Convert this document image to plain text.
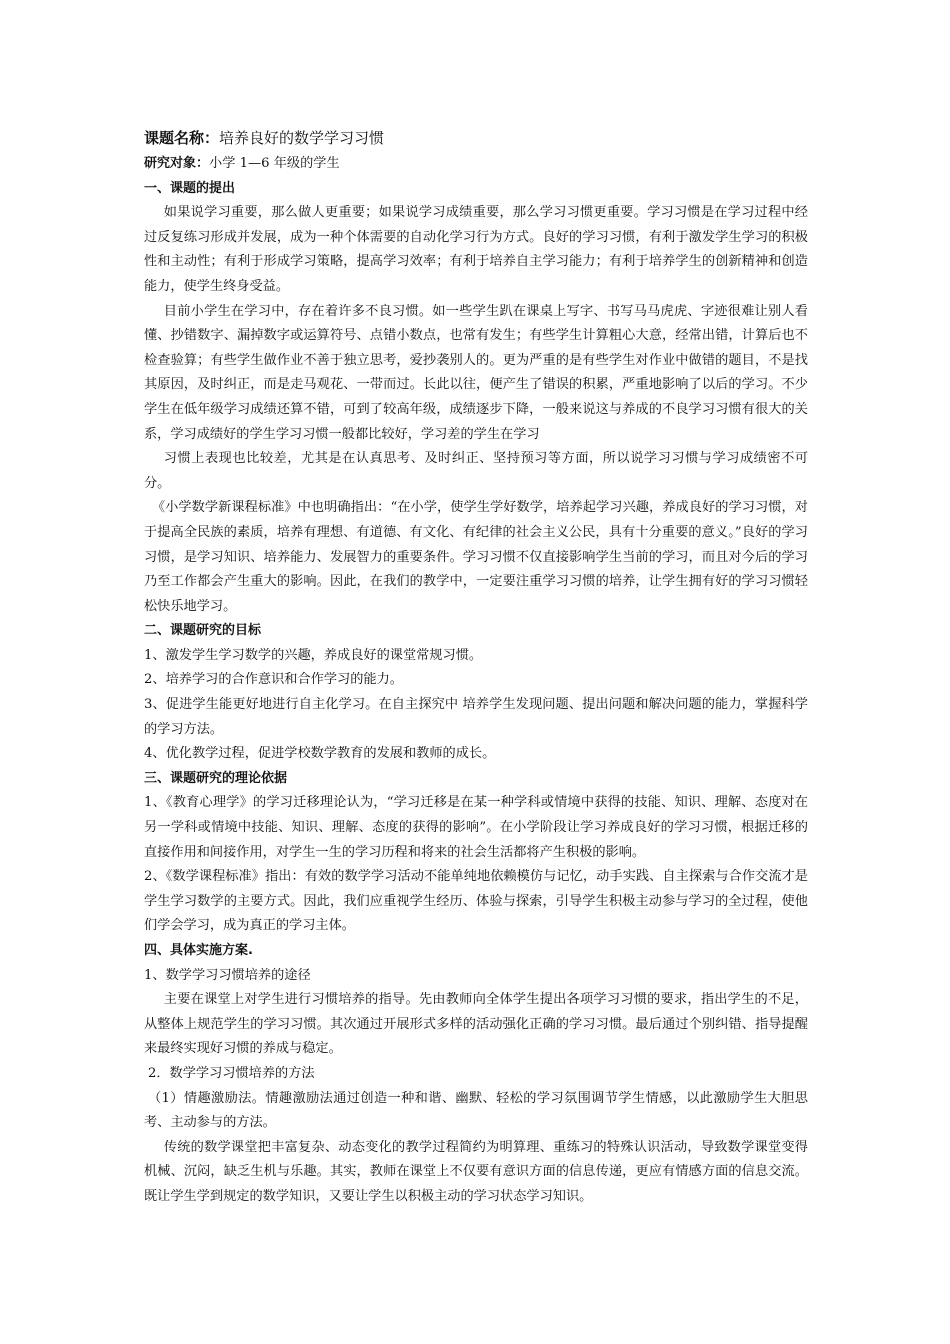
课题名称：培养良好的数学学习习惯

研究对象：小学 1—6 年级的学生

一、课题的提出

如果说学习重要，那么做人更重要；如果说学习成绩重要，那么学习习惯更重要。学习习惯是在学习过程中经过反复练习形成并发展，成为一种个体需要的自动化学习行为方式。良好的学习习惯，有利于激发学生学习的积极性和主动性；有利于形成学习策略，提高学习效率；有利于培养自主学习能力；有利于培养学生的创新精神和创造能力，使学生终身受益。

目前小学生在学习中，存在着许多不良习惯。如一些学生趴在课桌上写字、书写马马虎虎、字迹很难让别人看懂、抄错数字、漏掉数字或运算符号、点错小数点，也常有发生；有些学生计算粗心大意，经常出错，计算后也不检查验算；有些学生做作业不善于独立思考，爱抄袭别人的。更为严重的是有些学生对作业中做错的题目，不是找其原因，及时纠正，而是走马观花、一带而过。长此以往，便产生了错误的积累，严重地影响了以后的学习。不少学生在低年级学习成绩还算不错，可到了较高年级，成绩逐步下降，一般来说这与养成的不良学习习惯有很大的关系，学习成绩好的学生学习习惯一般都比较好，学习差的学生在学习

习惯上表现也比较差，尤其是在认真思考、及时纠正、坚持预习等方面，所以说学习习惯与学习成绩密不可分。

《小学数学新课程标准》中也明确指出：“在小学，使学生学好数学，培养起学习兴趣，养成良好的学习习惯，对于提高全民族的素质，培养有理想、有道德、有文化、有纪律的社会主义公民，具有十分重要的意义。”良好的学习习惯，是学习知识、培养能力、发展智力的重要条件。学习习惯不仅直接影响学生当前的学习，而且对今后的学习乃至工作都会产生重大的影响。因此，在我们的教学中，一定要注重学习习惯的培养，让学生拥有好的学习习惯轻松快乐地学习。

二、课题研究的目标

1、激发学生学习数学的兴趣，养成良好的课堂常规习惯。

2、培养学习的合作意识和合作学习的能力。

3、促进学生能更好地进行自主化学习。在自主探究中 培养学生发现问题、提出问题和解决问题的能力，掌握科学的学习方法。

4、优化教学过程，促进学校数学教育的发展和教师的成长。

三、课题研究的理论依据

1、《教育心理学》的学习迁移理论认为，“学习迁移是在某一种学科或情境中获得的技能、知识、理解、态度对在另一学科或情境中技能、知识、理解、态度的获得的影响”。在小学阶段让学习养成良好的学习习惯，根据迁移的直接作用和间接作用，对学生一生的学习历程和将来的社会生活都将产生积极的影响。

2、《数学课程标准》指出：有效的数学学习活动不能单纯地依赖模仿与记忆，动手实践、自主探索与合作交流才是学生学习数学的主要方式。因此，我们应重视学生经历、体验与探索，引导学生积极主动参与学习的全过程，使他们学会学习，成为真正的学习主体。

四、具体实施方案.

1、数学学习习惯培养的途径

主要在课堂上对学生进行习惯培养的指导。先由教师向全体学生提出各项学习习惯的要求，指出学生的不足，从整体上规范学生的学习习惯。其次通过开展形式多样的活动强化正确的学习习惯。最后通过个别纠错、指导提醒来最终实现好习惯的养成与稳定。

2．数学学习习惯培养的方法

（1）情趣激励法。情趣激励法通过创造一种和谐、幽默、轻松的学习氛围调节学生情感，以此激励学生大胆思考、主动参与的方法。

传统的数学课堂把丰富复杂、动态变化的教学过程简约为明算理、重练习的特殊认识活动，导致数学课堂变得机械、沉闷，缺乏生机与乐趣。其实，教师在课堂上不仅要有意识方面的信息传递，更应有情感方面的信息交流。既让学生学到规定的数学知识，又要让学生以积极主动的学习状态学习知识。
